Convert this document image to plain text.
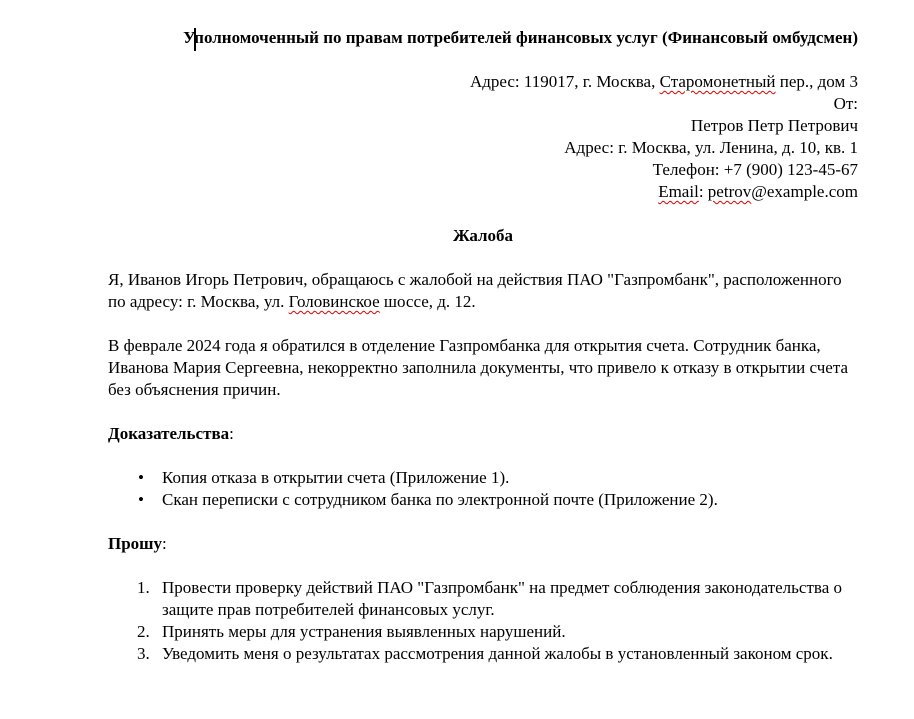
Уполномоченный по правам потребителей финансовых услуг (Финансовый омбудсмен)
Адрес: 119017, г. Москва, Старомонетный пер., дом 3
От:
Петров Петр Петрович
Адрес: г. Москва, ул. Ленина, д. 10, кв. 1
Телефон: +7 (900) 123-45-67
Email: petrov@example.com
Жалоба
Я, Иванов Игорь Петрович, обращаюсь с жалобой на действия ПАО "Газпромбанк", расположенного по адресу: г. Москва, ул. Головинское шоссе, д. 12.
В феврале 2024 года я обратился в отделение Газпромбанка для открытия счета. Сотрудник банка, Иванова Мария Сергеевна, некорректно заполнила документы, что привело к отказу в открытии счета без объяснения причин.
Доказательства:
•	Копия отказа в открытии счета (Приложение 1).
•	Скан переписки с сотрудником банка по электронной почте (Приложение 2).
Прошу:
1. Провести проверку действий ПАО "Газпромбанк" на предмет соблюдения законодательства о защите прав потребителей финансовых услуг.
2. Принять меры для устранения выявленных нарушений.
3. Уведомить меня о результатах рассмотрения данной жалобы в установленный законом срок.
